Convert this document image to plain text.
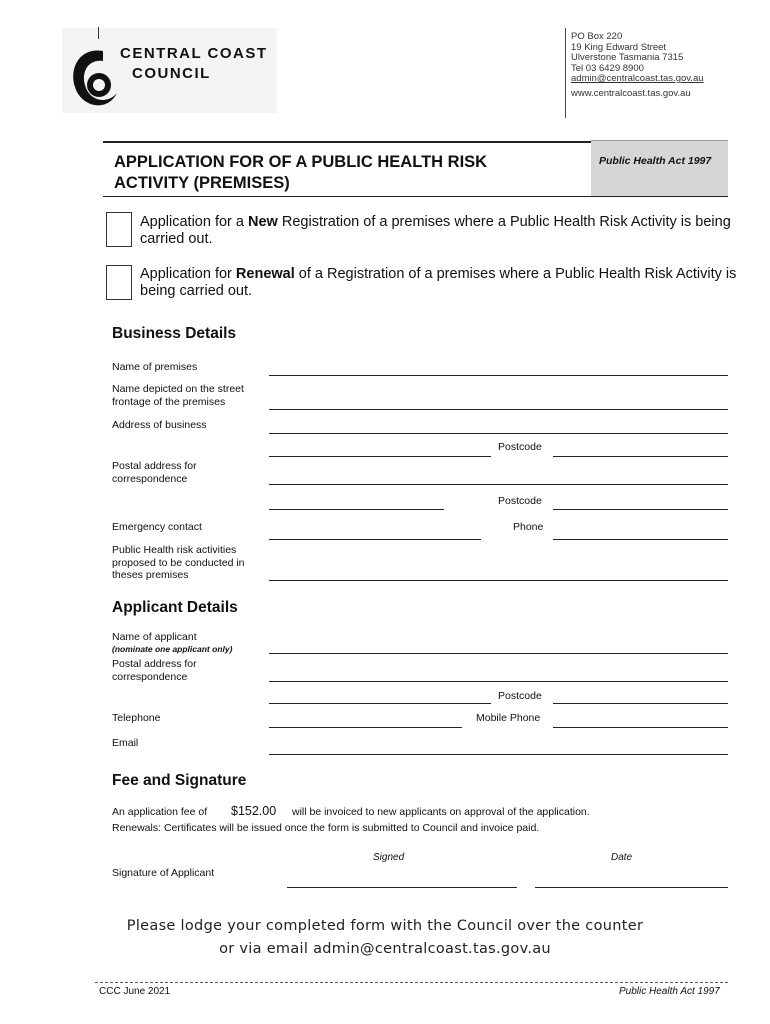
CENTRAL COAST
COUNCIL
PO Box 220
19 King Edward Street
Ulverstone Tasmania 7315
Tel 03 6429 8900
admin@centralcoast.tas.gov.au
www.centralcoast.tas.gov.au
Public Health Act 1997
APPLICATION FOR OF A PUBLIC HEALTH RISK
ACTIVITY (PREMISES)
Application for a New Registration of a premises where a Public Health Risk Activity is being carried out.
Application for Renewal of a Registration of a premises where a Public Health Risk Activity is being carried out.
Business Details
Name of premises
Name depicted on the street
frontage of the premises
Address of business
Postcode
Postal address for
correspondence
Postcode
Emergency contact	Phone
Public Health risk activities
proposed to be conducted in
theses premises
Applicant Details
Name of applicant
(nominate one applicant only)
Postal address for
correspondence
Postcode
Telephone	Mobile Phone
Email
Fee and Signature
An application fee of $152.00 will be invoiced to new applicants on approval of the application.
Renewals: Certificates will be issued once the form is submitted to Council and invoice paid.
Signed	Date
Signature of Applicant
Please lodge your completed form with the Council over the counter
or via email admin@centralcoast.tas.gov.au
CCC June 2021	Public Health Act 1997
